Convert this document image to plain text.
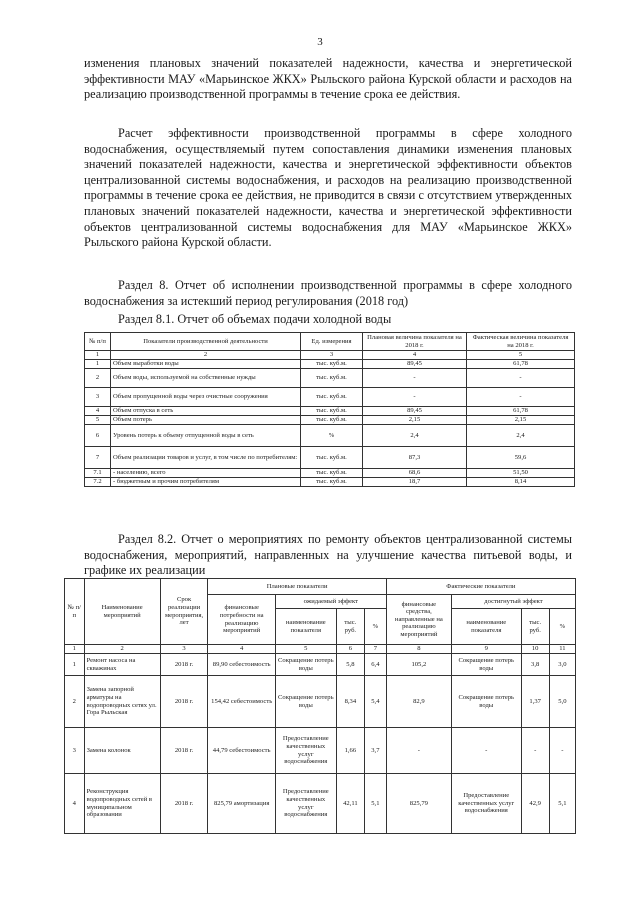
3

изменения плановых значений показателей надежности, качества и энергетической эффективности МАУ «Марьинское ЖКХ» Рыльского района Курской области и расходов на реализацию производственной программы в течение срока ее действия.

Расчет эффективности производственной программы в сфере холодного водоснабжения, осуществляемый путем сопоставления динамики изменения плановых значений показателей надежности, качества и энергетической эффективности объектов централизованной системы водоснабжения, и расходов на реализацию производственной программы в течение срока ее действия, не приводится в связи с отсутствием утвержденных плановых значений показателей надежности, качества и энергетической эффективности объектов централизованной системы водоснабжения для МАУ «Марьинское ЖКХ» Рыльского района Курской области.

Раздел 8. Отчет об исполнении производственной программы в сфере холодного водоснабжения за истекший период регулирования (2018 год)

Раздел 8.1. Отчет об объемах подачи холодной воды

№ п/п	Показатели производственной деятельности	Ед. измерения	Плановая величина показателя на 2018 г.	Фактическая величина показателя на 2018 г.
1	2	3	4	5
1	Объем выработки воды	тыс. куб.м.	89,45	61,78
2	Объем воды, используемой на собственные нужды	тыс. куб.м.	-	-
3	Объем пропущенной воды через очистные сооружения	тыс. куб.м.	-	-
4	Объем отпуска в сеть	тыс. куб.м.	89,45	61,78
5	Объем потерь	тыс. куб.м.	2,15	2,15
6	Уровень потерь к объему отпущенной воды в сеть	%	2,4	2,4
7	Объем реализации товаров и услуг, в том числе по потребителям:	тыс. куб.м.	87,3	59,6
7.1	- населению, всего	тыс. куб.м.	68,6	51,50
7.2	- бюджетным и прочим потребителям	тыс. куб.м.	18,7	8,14

Раздел 8.2. Отчет о мероприятиях по ремонту объектов централизованной системы водоснабжения, мероприятий, направленных на улучшение качества питьевой воды, и графике их реализации

№ п/п	Наименование мероприятий	Срок реализации мероприятия, лет	Плановые показатели				Фактические показатели			
			финансовые потребности на реализацию мероприятий	ожидаемый эффект			финансовые средства, направленные на реализацию мероприятий	достигнутый эффект		
				наименование показателя	тыс. руб.	%		наименование показателя	тыс. руб.	%
1	2	3	4	5	6	7	8	9	10	11
1	Ремонт насоса на скважинах	2018 г.	89,90 себестоимость	Сокращение потерь воды	5,8	6,4	105,2	Сокращение потерь воды	3,8	3,0
2	Замена запорной арматуры на водопроводных сетях ул. Гора Рыльская	2018 г.	154,42 себестоимость	Сокращение потерь воды	8,34	5,4	82,9	Сокращение потерь воды	1,37	5,0
3	Замена колонок	2018 г.	44,79 себестоимость	Предоставление качественных услуг водоснабжения	1,66	3,7	-	-	-	-
4	Реконструкция водопроводных сетей в муниципальном образовании	2018 г.	825,79 амортизация	Предоставление качественных услуг водоснабжения	42,11	5,1	825,79	Предоставление качественных услуг водоснабжения	42,9	5,1
